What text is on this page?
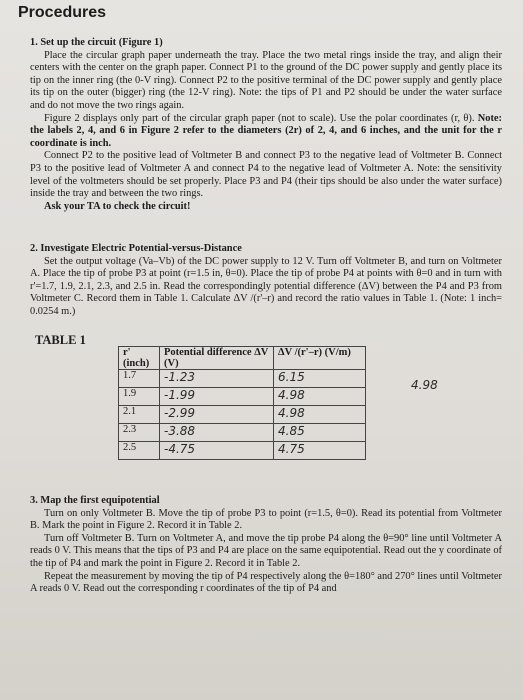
Procedures

1. Set up the circuit (Figure 1)

Place the circular graph paper underneath the tray. Place the two metal rings inside the tray, and align their centers with the center on the graph paper. Connect P1 to the ground of the DC power supply and gently place its tip on the inner ring (the 0-V ring). Connect P2 to the positive terminal of the DC power supply and gently place its tip on the outer (bigger) ring (the 12-V ring). Note: the tips of P1 and P2 should be under the water surface and do not move the two rings again.

Figure 2 displays only part of the circular graph paper (not to scale). Use the polar coordinates (r, θ). Note: the labels 2, 4, and 6 in Figure 2 refer to the diameters (2r) of 2, 4, and 6 inches, and the unit for the r coordinate is inch.

Connect P2 to the positive lead of Voltmeter B and connect P3 to the negative lead of Voltmeter B. Connect P3 to the positive lead of Voltmeter A and connect P4 to the negative lead of Voltmeter A. Note: the sensitivity level of the voltmeters should be set properly. Place P3 and P4 (their tips should be also under the water surface) inside the tray and between the two rings.

Ask your TA to check the circuit!

2. Investigate Electric Potential-versus-Distance

Set the output voltage (Va–Vb) of the DC power supply to 12 V. Turn off Voltmeter B, and turn on Voltmeter A. Place the tip of probe P3 at point (r=1.5 in, θ=0). Place the tip of probe P4 at points with θ=0 and in turn with r'=1.7, 1.9, 2.1, 2.3, and 2.5 in. Read the correspondingly potential difference (ΔV) between the P4 and P3 from Voltmeter C. Record them in Table 1. Calculate ΔV /(r'–r) and record the ratio values in Table 1. (Note: 1 inch= 0.0254 m.)

TABLE 1
r' (inch)	Potential difference ΔV (V)	ΔV /(r'–r) (V/m)
1.7	-1.23	6.15
1.9	-1.99	4.98
2.1	-2.99	4.98
2.3	-3.88	4.85
2.5	-4.75	4.75
4.98

3. Map the first equipotential

Turn on only Voltmeter B. Move the tip of probe P3 to point (r=1.5, θ=0). Read its potential from Voltmeter B. Mark the point in Figure 2. Record it in Table 2.

Turn off Voltmeter B. Turn on Voltmeter A, and move the tip probe P4 along the θ=90° line until Voltmeter A reads 0 V. This means that the tips of P3 and P4 are place on the same equipotential. Read out the y coordinate of the tip of P4 and mark the point in Figure 2. Record it in Table 2.

Repeat the measurement by moving the tip of P4 respectively along the θ=180° and 270° lines until Voltmeter A reads 0 V. Read out the corresponding r coordinates of the tip of P4 and
